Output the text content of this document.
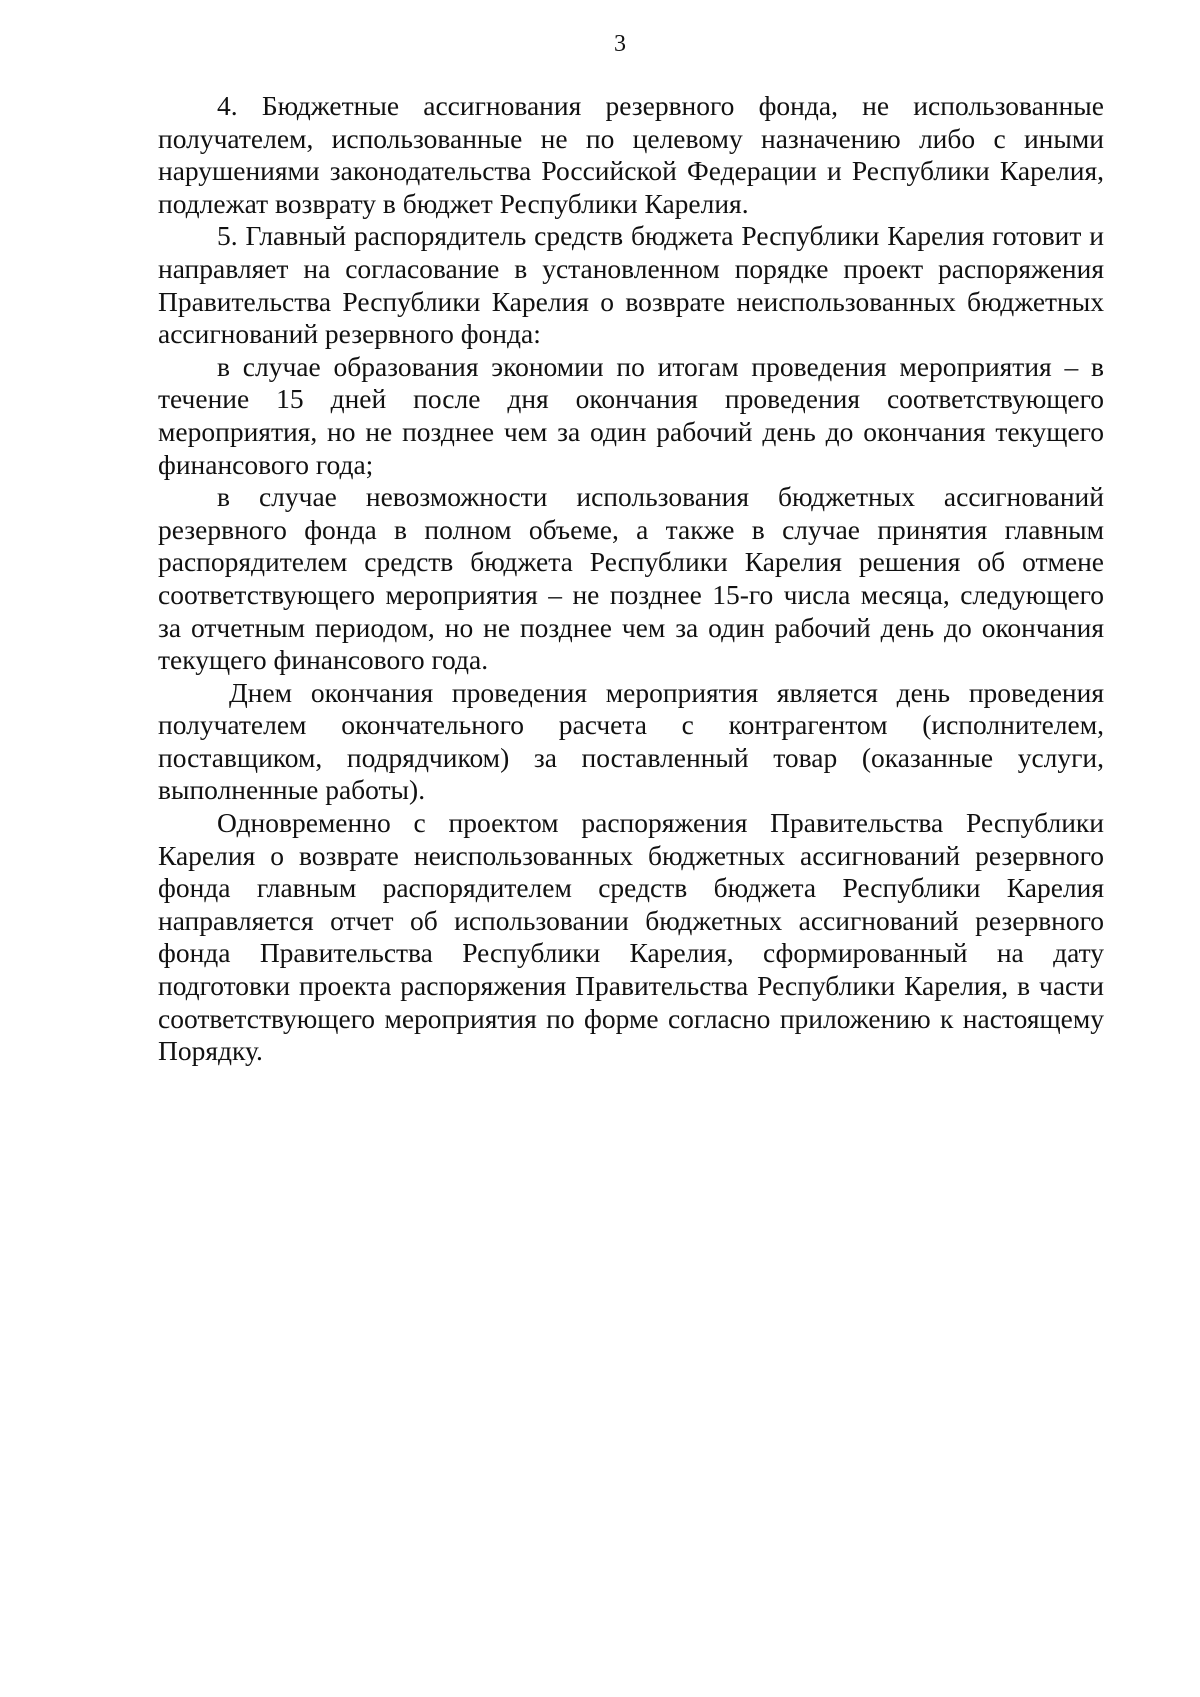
3

4. Бюджетные ассигнования резервного фонда, не использованные получателем, использованные не по целевому назначению либо с иными нарушениями законодательства Российской Федерации и Республики Карелия, подлежат возврату в бюджет Республики Карелия.

5. Главный распорядитель средств бюджета Республики Карелия готовит и направляет на согласование в установленном порядке проект распоряжения Правительства Республики Карелия о возврате неиспользованных бюджетных ассигнований резервного фонда:

в случае образования экономии по итогам проведения мероприятия – в течение 15 дней после дня окончания проведения соответствующего мероприятия, но не позднее чем за один рабочий день до окончания текущего финансового года;

в случае невозможности использования бюджетных ассигнований резервного фонда в полном объеме, а также в случае принятия главным распорядителем средств бюджета Республики Карелия решения об отмене соответствующего мероприятия – не позднее 15-го числа месяца, следующего за отчетным периодом, но не позднее чем за один рабочий день до окончания текущего финансового года.

Днем окончания проведения мероприятия является день проведения получателем окончательного расчета с контрагентом (исполнителем, поставщиком, подрядчиком) за поставленный товар (оказанные услуги, выполненные работы).

Одновременно с проектом распоряжения Правительства Республики Карелия о возврате неиспользованных бюджетных ассигнований резервного фонда главным распорядителем средств бюджета Республики Карелия направляется отчет об использовании бюджетных ассигнований резервного фонда Правительства Республики Карелия, сформированный на дату подготовки проекта распоряжения Правительства Республики Карелия, в части соответствующего мероприятия по форме согласно приложению к настоящему Порядку.
